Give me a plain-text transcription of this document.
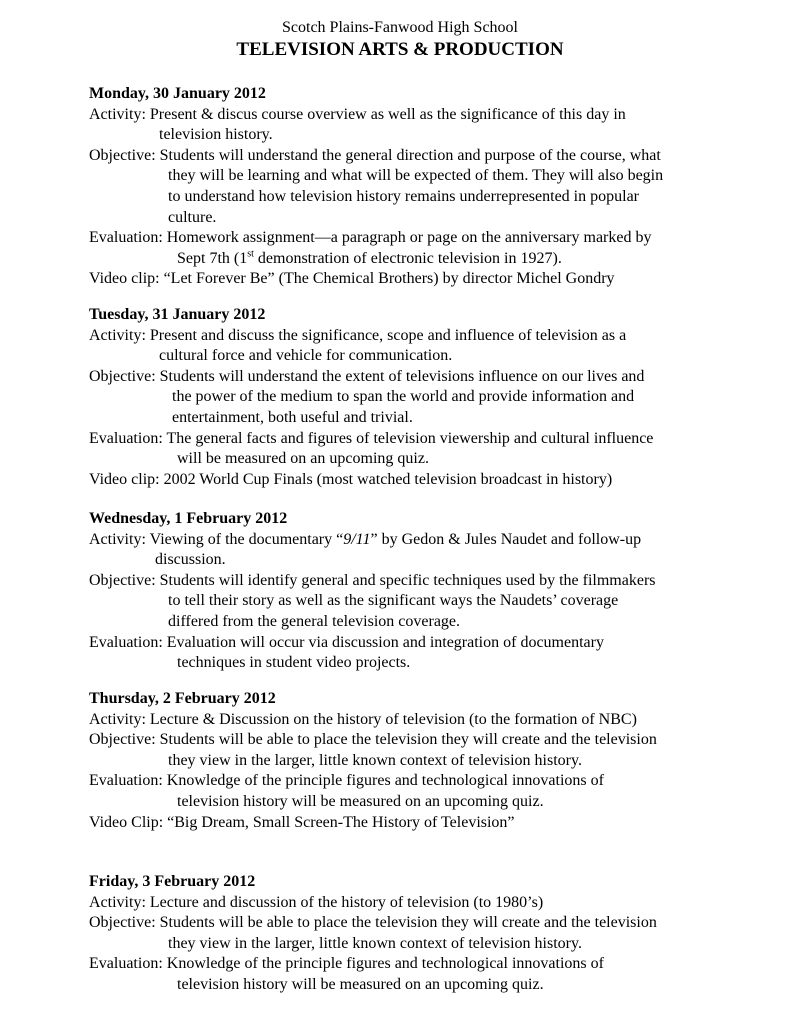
Scotch Plains-Fanwood High School
TELEVISION ARTS & PRODUCTION
Monday, 30 January 2012
Activity: Present & discus course overview as well as the significance of this day in
television history.
Objective: Students will understand the general direction and purpose of the course, what
they will be learning and what will be expected of them. They will also begin
to understand how television history remains underrepresented in popular
culture.
Evaluation: Homework assignment—a paragraph or page on the anniversary marked by
Sept 7th (1st demonstration of electronic television in 1927).
Video clip: “Let Forever Be” (The Chemical Brothers) by director Michel Gondry
Tuesday, 31 January 2012
Activity: Present and discuss the significance, scope and influence of television as a
cultural force and vehicle for communication.
Objective: Students will understand the extent of televisions influence on our lives and
the power of the medium to span the world and provide information and
entertainment, both useful and trivial.
Evaluation: The general facts and figures of television viewership and cultural influence
will be measured on an upcoming quiz.
Video clip: 2002 World Cup Finals (most watched television broadcast in history)
Wednesday, 1 February 2012
Activity: Viewing of the documentary “9/11” by Gedon & Jules Naudet and follow-up
discussion.
Objective: Students will identify general and specific techniques used by the filmmakers
to tell their story as well as the significant ways the Naudets’ coverage
differed from the general television coverage.
Evaluation: Evaluation will occur via discussion and integration of documentary
techniques in student video projects.
Thursday, 2 February 2012
Activity: Lecture & Discussion on the history of television (to the formation of NBC)
Objective: Students will be able to place the television they will create and the television
they view in the larger, little known context of television history.
Evaluation: Knowledge of the principle figures and technological innovations of
television history will be measured on an upcoming quiz.
Video Clip: “Big Dream, Small Screen-The History of Television”
Friday, 3 February 2012
Activity: Lecture and discussion of the history of television (to 1980’s)
Objective: Students will be able to place the television they will create and the television
they view in the larger, little known context of television history.
Evaluation: Knowledge of the principle figures and technological innovations of
television history will be measured on an upcoming quiz.
